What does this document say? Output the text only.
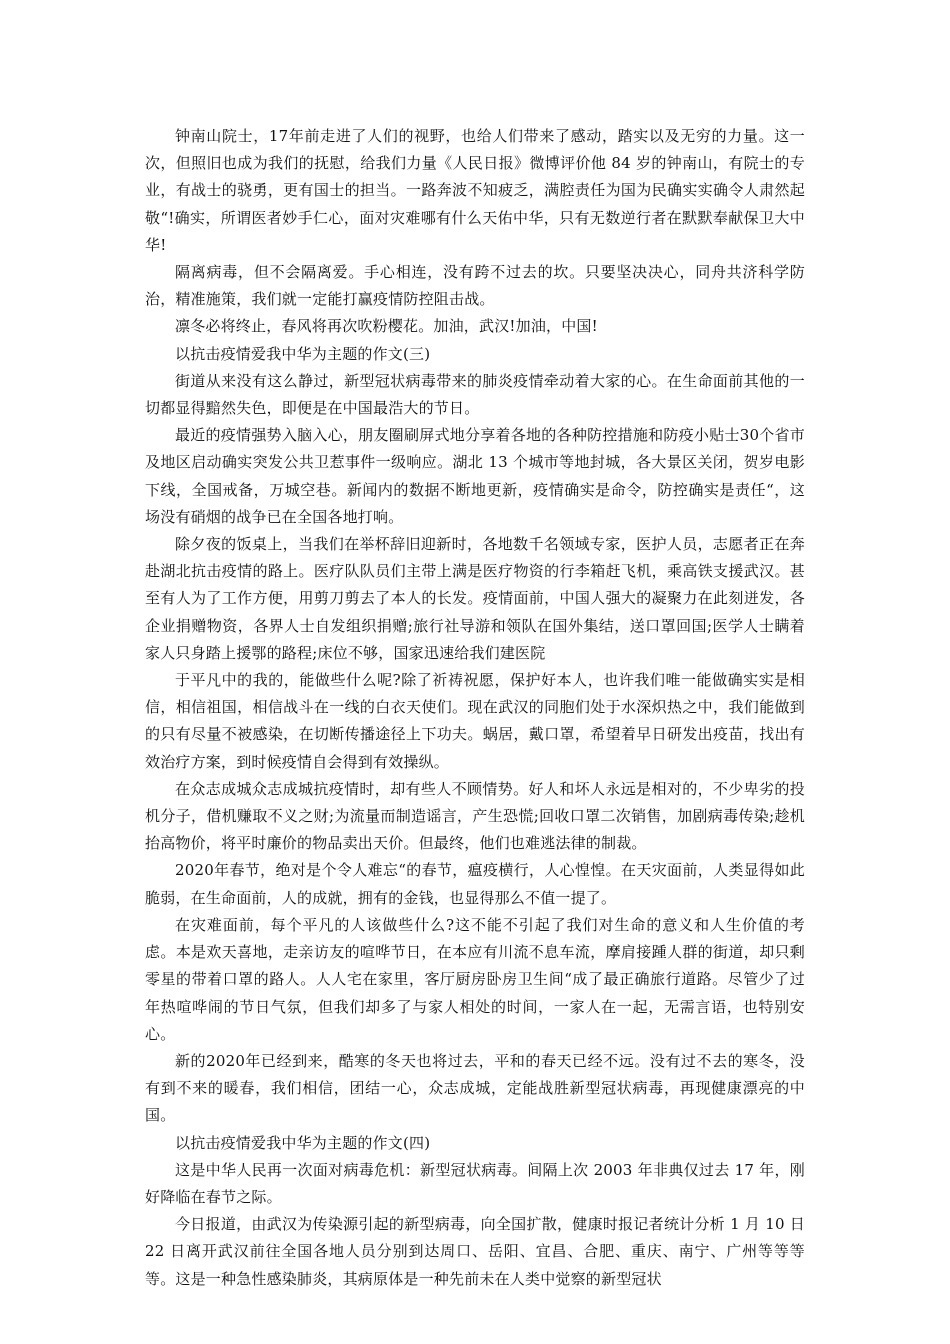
钟南山院士，17年前走进了人们的视野，也给人们带来了感动，踏实以及无穷的力量。这一次，但照旧也成为我们的抚慰，给我们力量《人民日报》微博评价他 84 岁的钟南山，有院士的专业，有战士的骁勇，更有国士的担当。一路奔波不知疲乏，满腔责任为国为民确实实确令人肃然起敬“!确实，所谓医者妙手仁心，面对灾难哪有什么天佑中华，只有无数逆行者在默默奉献保卫大中华!

隔离病毒，但不会隔离爱。手心相连，没有跨不过去的坎。只要坚决决心，同舟共济科学防治，精准施策，我们就一定能打赢疫情防控阻击战。

凛冬必将终止，春风将再次吹粉樱花。加油，武汉!加油，中国!

以抗击疫情爱我中华为主题的作文(三)

街道从来没有这么静过，新型冠状病毒带来的肺炎疫情牵动着大家的心。在生命面前其他的一切都显得黯然失色，即便是在中国最浩大的节日。

最近的疫情强势入脑入心，朋友圈刷屏式地分享着各地的各种防控措施和防疫小贴士30个省市及地区启动确实突发公共卫惹事件一级响应。湖北 13 个城市等地封城，各大景区关闭，贺岁电影下线，全国戒备，万城空巷。新闻内的数据不断地更新，疫情确实是命令，防控确实是责任“，这场没有硝烟的战争已在全国各地打响。

除夕夜的饭桌上，当我们在举杯辞旧迎新时，各地数千名领域专家，医护人员，志愿者正在奔赴湖北抗击疫情的路上。医疗队队员们主带上满是医疗物资的行李箱赶飞机，乘高铁支援武汉。甚至有人为了工作方便，用剪刀剪去了本人的长发。疫情面前，中国人强大的凝聚力在此刻迸发，各企业捐赠物资，各界人士自发组织捐赠;旅行社导游和领队在国外集结，送口罩回国;医学人士瞒着家人只身踏上援鄂的路程;床位不够，国家迅速给我们建医院

于平凡中的我的，能做些什么呢?除了祈祷祝愿，保护好本人，也许我们唯一能做确实实是相信，相信祖国，相信战斗在一线的白衣天使们。现在武汉的同胞们处于水深炽热之中，我们能做到的只有尽量不被感染，在切断传播途径上下功夫。蜗居，戴口罩，希望着早日研发出疫苗，找出有效治疗方案，到时候疫情自会得到有效操纵。

在众志成城众志成城抗疫情时，却有些人不顾情势。好人和坏人永远是相对的，不少卑劣的投机分子，借机赚取不义之财;为流量而制造谣言，产生恐慌;回收口罩二次销售，加剧病毒传染;趁机抬高物价，将平时廉价的物品卖出天价。但最终，他们也难逃法律的制裁。

2020年春节，绝对是个令人难忘“的春节，瘟疫横行，人心惶惶。在天灾面前，人类显得如此脆弱，在生命面前，人的成就，拥有的金钱，也显得那么不值一提了。

在灾难面前，每个平凡的人该做些什么?这不能不引起了我们对生命的意义和人生价值的考虑。本是欢天喜地，走亲访友的喧哗节日，在本应有川流不息车流，摩肩接踵人群的街道，却只剩零星的带着口罩的路人。人人宅在家里，客厅厨房卧房卫生间“成了最正确旅行道路。尽管少了过年热喧哗闹的节日气氛，但我们却多了与家人相处的时间，一家人在一起，无需言语，也特别安心。

新的2020年已经到来，酷寒的冬天也将过去，平和的春天已经不远。没有过不去的寒冬，没有到不来的暖春，我们相信，团结一心，众志成城，定能战胜新型冠状病毒，再现健康漂亮的中国。

以抗击疫情爱我中华为主题的作文(四)

这是中华人民再一次面对病毒危机：新型冠状病毒。间隔上次 2003 年非典仅过去 17 年，刚好降临在春节之际。

今日报道，由武汉为传染源引起的新型病毒，向全国扩散，健康时报记者统计分析 1 月 10 日 22 日离开武汉前往全国各地人员分别到达周口、岳阳、宜昌、合肥、重庆、南宁、广州等等等等。这是一种急性感染肺炎，其病原体是一种先前未在人类中觉察的新型冠状
